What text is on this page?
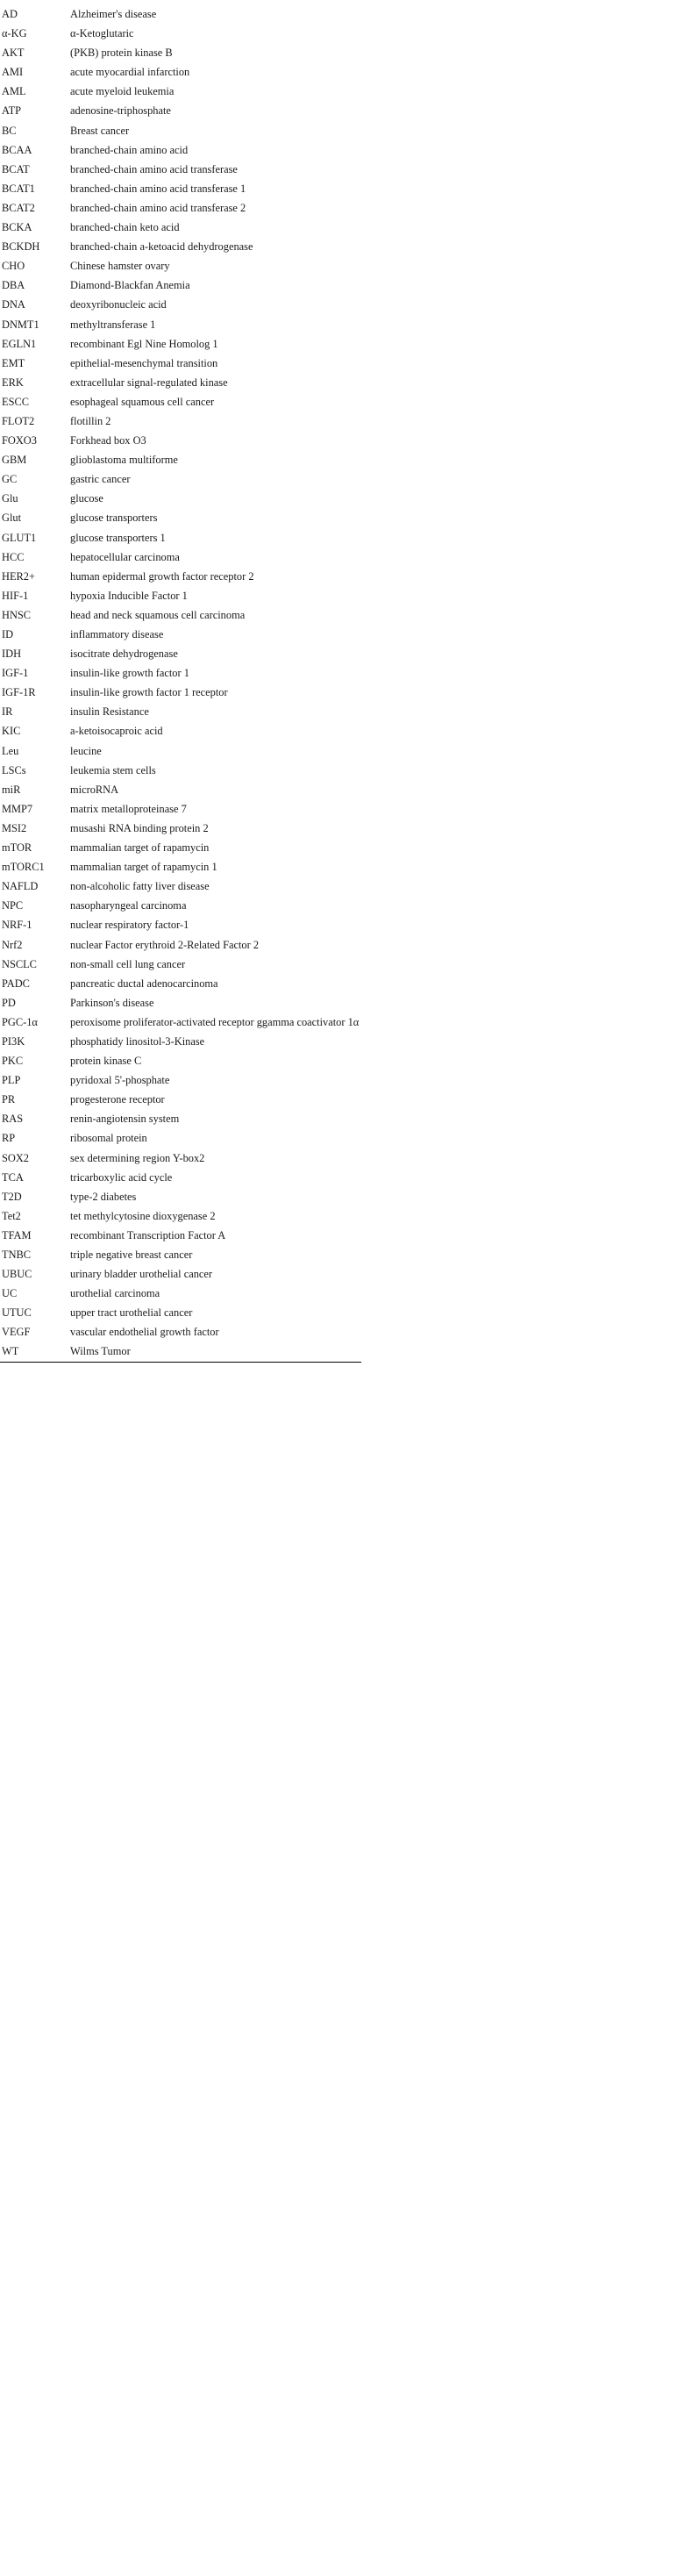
AD	Alzheimer's disease
α-KG	α-Ketoglutaric
AKT	(PKB) protein kinase B
AMI	acute myocardial infarction
AML	acute myeloid leukemia
ATP	adenosine-triphosphate
BC	Breast cancer
BCAA	branched-chain amino acid
BCAT	branched-chain amino acid transferase
BCAT1	branched-chain amino acid transferase 1
BCAT2	branched-chain amino acid transferase 2
BCKA	branched-chain keto acid
BCKDH	branched-chain a-ketoacid dehydrogenase
CHO	Chinese hamster ovary
DBA	Diamond-Blackfan Anemia
DNA	deoxyribonucleic acid
DNMT1	methyltransferase 1
EGLN1	recombinant Egl Nine Homolog 1
EMT	epithelial-mesenchymal transition
ERK	extracellular signal-regulated kinase
ESCC	esophageal squamous cell cancer
FLOT2	flotillin 2
FOXO3	Forkhead box O3
GBM	glioblastoma multiforme
GC	gastric cancer
Glu	glucose
Glut	glucose transporters
GLUT1	glucose transporters 1
HCC	hepatocellular carcinoma
HER2+	human epidermal growth factor receptor 2
HIF-1	hypoxia Inducible Factor 1
HNSC	head and neck squamous cell carcinoma
ID	inflammatory disease
IDH	isocitrate dehydrogenase
IGF-1	insulin-like growth factor 1
IGF-1R	insulin-like growth factor 1 receptor
IR	insulin Resistance
KIC	a-ketoisocaproic acid
Leu	leucine
LSCs	leukemia stem cells
miR	microRNA
MMP7	matrix metalloproteinase 7
MSI2	musashi RNA binding protein 2
mTOR	mammalian target of rapamycin
mTORC1	mammalian target of rapamycin 1
NAFLD	non-alcoholic fatty liver disease
NPC	nasopharyngeal carcinoma
NRF-1	nuclear respiratory factor-1
Nrf2	nuclear Factor erythroid 2-Related Factor 2
NSCLC	non-small cell lung cancer
PADC	pancreatic ductal adenocarcinoma
PD	Parkinson's disease
PGC-1α	peroxisome proliferator-activated receptor ggamma coactivator 1α
PI3K	phosphatidy linositol-3-Kinase
PKC	protein kinase C
PLP	pyridoxal 5'-phosphate
PR	progesterone receptor
RAS	renin-angiotensin system
RP	ribosomal protein
SOX2	sex determining region Y-box2
TCA	tricarboxylic acid cycle
T2D	type-2 diabetes
Tet2	tet methylcytosine dioxygenase 2
TFAM	recombinant Transcription Factor A
TNBC	triple negative breast cancer
UBUC	urinary bladder urothelial cancer
UC	urothelial carcinoma
UTUC	upper tract urothelial cancer
VEGF	vascular endothelial growth factor
WT	Wilms Tumor
